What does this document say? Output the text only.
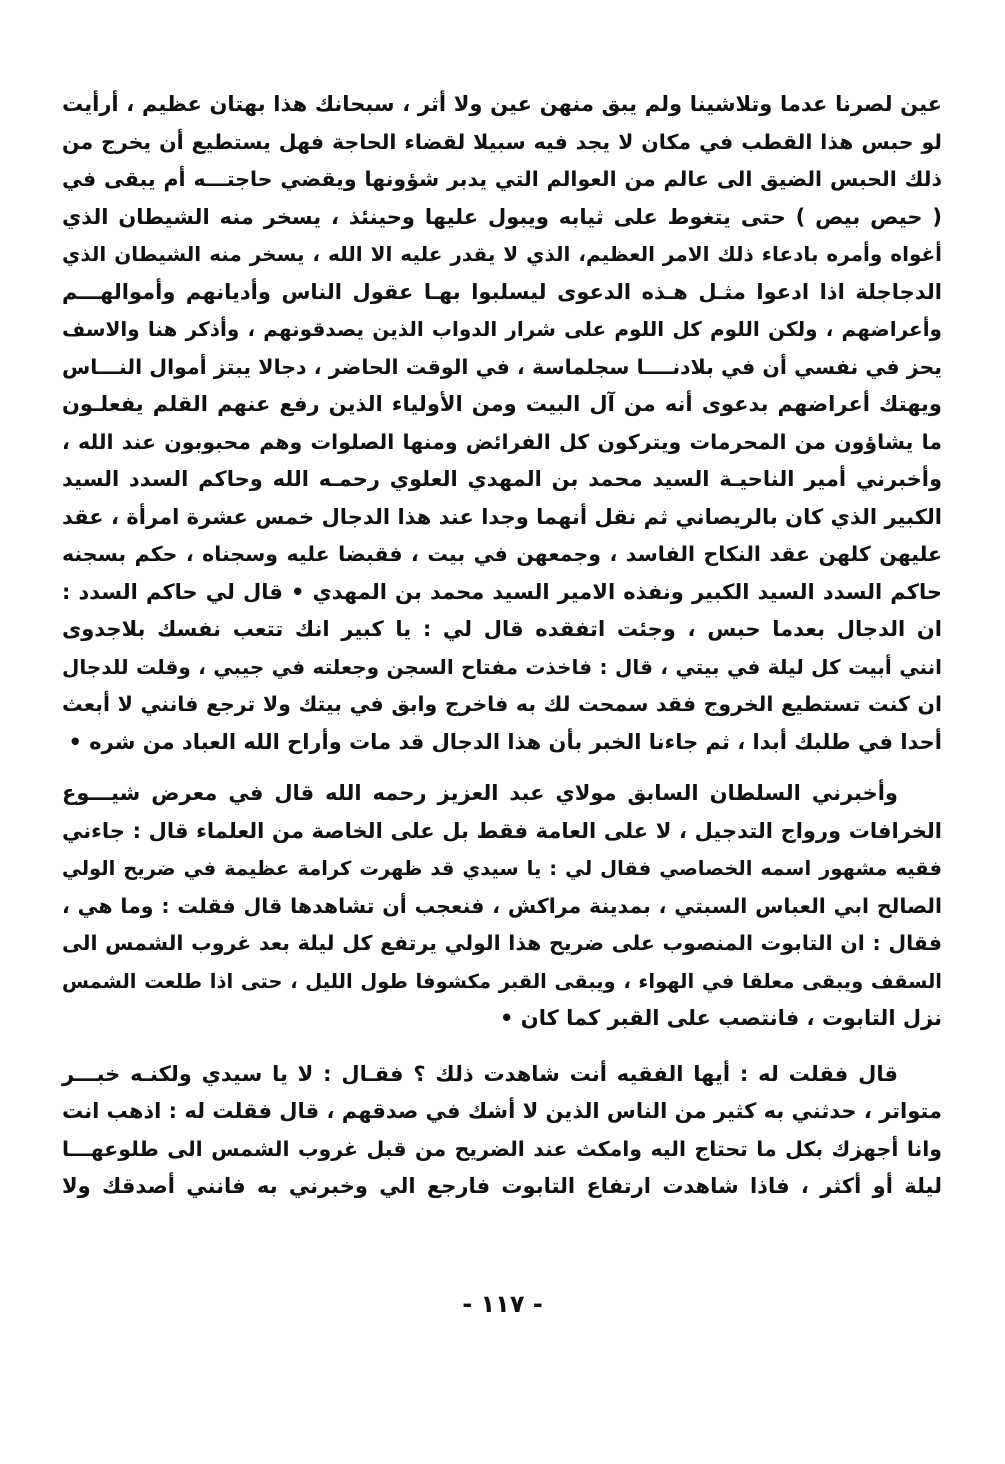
عين لصرنا عدما وتلاشينا ولم يبق منهن عين ولا أثر ، سبحانك هذا بهتان عظيم ، أرأيت
لو حبس هذا القطب في مكان لا يجد فيه سبيلا لقضاء الحاجة فهل يستطيع أن يخرج من
ذلك الحبس الضيق الى عالم من العوالم التي يدبر شؤونها ويقضي حاجتـــه أم يبقى في
( حيص بيص ) حتى يتغوط على ثيابه ويبول عليها وحينئذ ، يسخر منه الشيطان الذي
أغواه وأمره بادعاء ذلك الامر العظيم، الذي لا يقدر عليه الا الله ، يسخر منه الشيطان الذي
الدجاجلة اذا ادعوا مثـل هـذه الدعوى ليسلبوا بهـا عقول الناس وأديانهم وأموالهـــم
وأعراضهم ، ولكن اللوم كل اللوم على شرار الدواب الذين يصدقونهم ، وأذكر هنا والاسف
يحز في نفسي أن في بلادنــــا سجلماسة ، في الوقت الحاضر ، دجالا يبتز أموال النـــاس
ويهتك أعراضهم بدعوى أنه من آل البيت ومن الأولياء الذين رفع عنهم القلم يفعلـون
ما يشاؤون من المحرمات ويتركون كل الفرائض ومنها الصلوات وهم محبوبون عند الله ،
وأخبرني أمير الناحيـة السيد محمد بن المهدي العلوي رحمـه الله وحاكم السدد السيد
الكبير الذي كان بالريصاني ثم نقل أنهما وجدا عند هذا الدجال خمس عشرة امرأة ، عقد
عليهن كلهن عقد النكاح الفاسد ، وجمعهن في بيت ، فقبضا عليه وسجناه ، حكم بسجنه
حاكم السدد السيد الكبير ونفذه الامير السيد محمد بن المهدي • قال لي حاكم السدد :
ان الدجال بعدما حبس ، وجئت اتفقده قال لي : يا كبير انك تتعب نفسك بلاجدوى
انني أبيت كل ليلة في بيتي ، قال : فاخذت مفتاح السجن وجعلته في جيبي ، وقلت للدجال
ان كنت تستطيع الخروج فقد سمحت لك به فاخرج وابق في بيتك ولا ترجع فانني لا أبعث
أحدا في طلبك أبدا ، ثم جاءنا الخبر بأن هذا الدجال قد مات وأراح الله العباد من شره •

وأخبرني السلطان السابق مولاي عبد العزيز رحمه الله قال في معرض شيـــوع
الخرافات ورواج التدجيل ، لا على العامة فقط بل على الخاصة من العلماء قال : جاءني
فقيه مشهور اسمه الخصاصي فقال لي : يا سيدي قد ظهرت كرامة عظيمة في ضريح الولي
الصالح ابي العباس السبتي ، بمدينة مراكش ، فنعجب أن تشاهدها قال فقلت : وما هي ،
فقال : ان التابوت المنصوب على ضريح هذا الولي يرتفع كل ليلة بعد غروب الشمس الى
السقف ويبقى معلقا في الهواء ، ويبقى القبر مكشوفا طول الليل ، حتى اذا طلعت الشمس
نزل التابوت ، فانتصب على القبر كما كان •

قال فقلت له : أيها الفقيه أنت شاهدت ذلك ؟ فقـال : لا يا سيدي ولكنـه خبـــر
متواتر ، حدثني به كثير من الناس الذين لا أشك في صدقهم ، قال فقلت له : اذهب انت
وانا أجهزك بكل ما تحتاج اليه وامكث عند الضريح من قبل غروب الشمس الى طلوعهـــا
ليلة أو أكثر ، فاذا شاهدت ارتفاع التابوت فارجع الي وخبرني به فانني أصدقك ولا

- ١١٧ -
